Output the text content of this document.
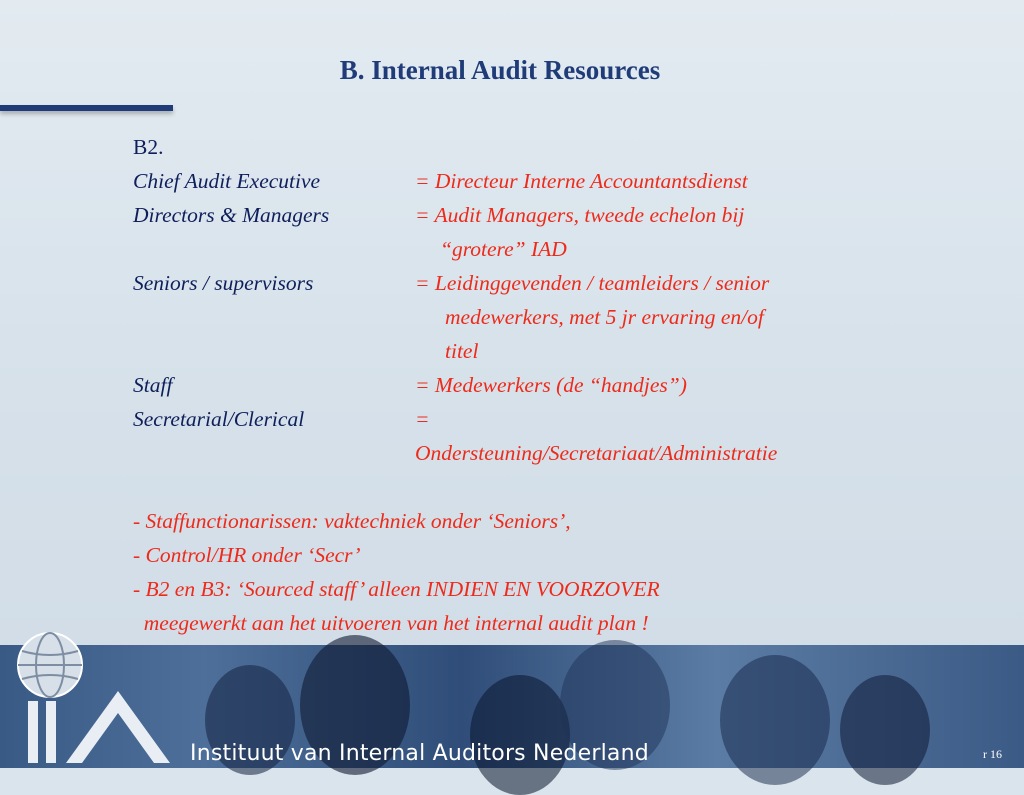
B. Internal Audit Resources
B2.
Chief Audit Executive	= Directeur Interne Accountantsdienst
Directors & Managers	= Audit Managers, tweede echelon bij
“grotere” IAD
Seniors / supervisors	= Leidinggevenden / teamleiders / senior
medewerkers, met 5 jr ervaring en/of
titel
Staff	= Medewerkers (de “handjes”)
Secretarial/Clerical	=
Ondersteuning/Secretariaat/Administratie
- Staffunctionarissen: vaktechniek onder ‘Seniors’,
- Control/HR onder ‘Secr’
- B2 en B3: ‘Sourced staff’ alleen INDIEN EN VOORZOVER
meegewerkt aan het uitvoeren van het internal audit plan !
Instituut van Internal Auditors Nederland	r 16
